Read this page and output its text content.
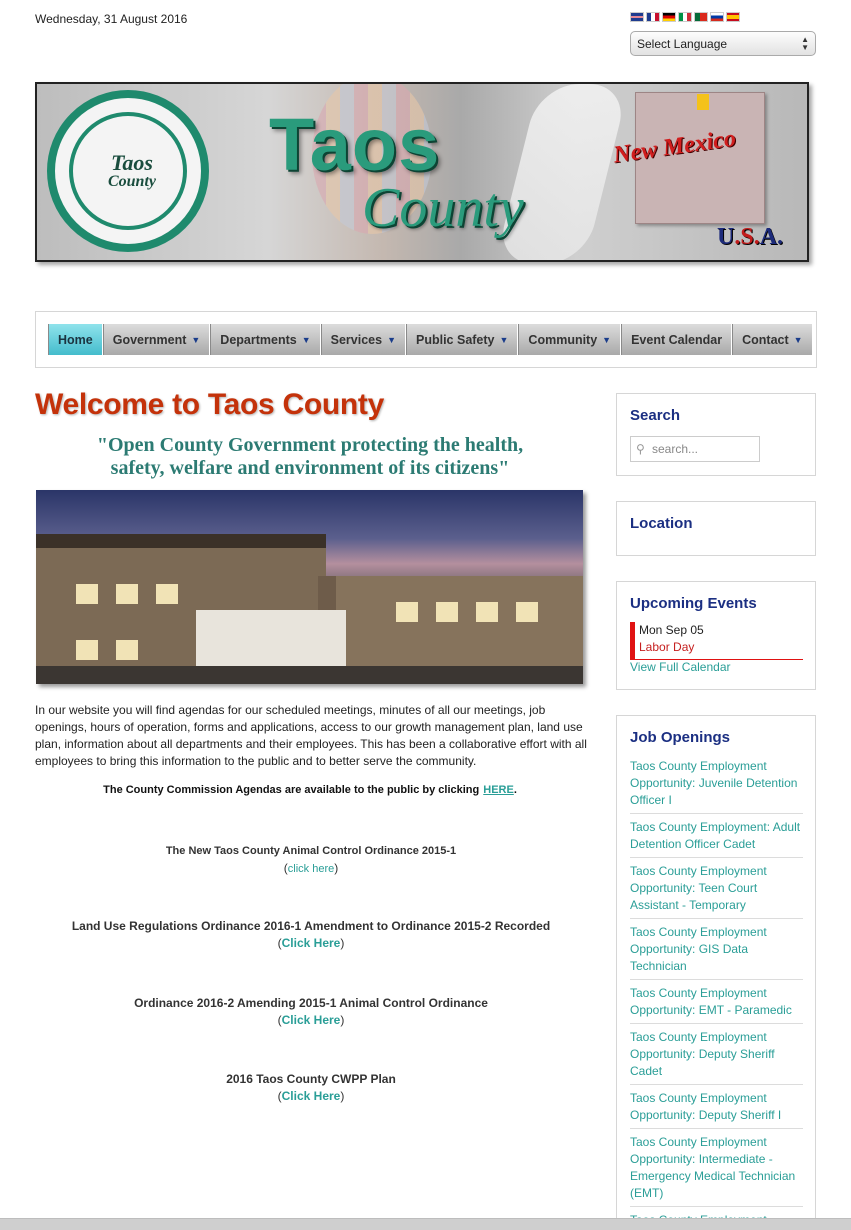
Wednesday, 31 August 2016
Select Language	▲
▼
Taos
County Taos
County
New Mexico
U.S.A.
Home Government ▼ Departments ▼ Services ▼ Public Safety ▼ Community ▼ Event Calendar Contact ▼
Welcome to Taos County
"Open County Government protecting the health,
safety, welfare and environment of its citizens"
In our website you will find agendas for our scheduled meetings, minutes of all our meetings, job openings, hours of operation, forms and applications, access to our growth management plan, land use plan, information about all departments and their employees. This has been a collaborative effort with all employees to bring this information to the public and to better serve the community.
The County Commission Agendas are available to the public by clicking HERE.
The New Taos County Animal Control Ordinance 2015-1
(click here)
Land Use Regulations Ordinance 2016-1 Amendment to Ordinance 2015-2 Recorded
(Click Here)
Ordinance 2016-2 Amending 2015-1 Animal Control Ordinance
(Click Here)
2016 Taos County CWPP Plan
(Click Here)
Search
⚲ search...
Location
Upcoming Events
Mon Sep 05
Labor Day
View Full Calendar
Job Openings
Taos County Employment Opportunity: Juvenile Detention Officer I
Taos County Employment: Adult Detention Officer Cadet
Taos County Employment Opportunity: Teen Court Assistant - Temporary
Taos County Employment Opportunity: GIS Data Technician
Taos County Employment Opportunity: EMT - Paramedic
Taos County Employment Opportunity: Deputy Sheriff Cadet
Taos County Employment Opportunity: Deputy Sheriff I
Taos County Employment Opportunity: Intermediate - Emergency Medical Technician (EMT)
